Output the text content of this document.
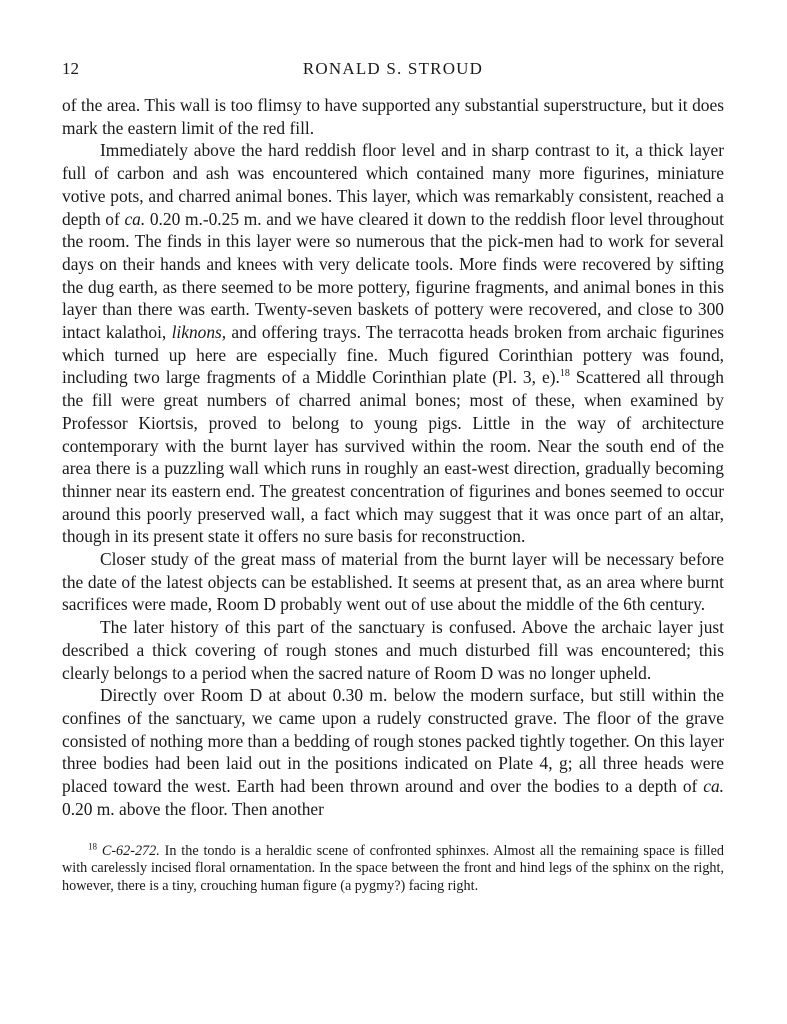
12	RONALD S. STROUD

of the area. This wall is too flimsy to have supported any substantial superstructure, but it does mark the eastern limit of the red fill.

Immediately above the hard reddish floor level and in sharp contrast to it, a thick layer full of carbon and ash was encountered which contained many more figurines, miniature votive pots, and charred animal bones. This layer, which was remarkably consistent, reached a depth of ca. 0.20 m.-0.25 m. and we have cleared it down to the reddish floor level throughout the room. The finds in this layer were so numerous that the pick-men had to work for several days on their hands and knees with very delicate tools. More finds were recovered by sifting the dug earth, as there seemed to be more pottery, figurine fragments, and animal bones in this layer than there was earth. Twenty-seven baskets of pottery were recovered, and close to 300 intact kalathoi, liknons, and offering trays. The terracotta heads broken from archaic figurines which turned up here are especially fine. Much figured Corinthian pottery was found, including two large fragments of a Middle Corinthian plate (Pl. 3, e).$^{18}$ Scattered all through the fill were great numbers of charred animal bones; most of these, when examined by Professor Kiortsis, proved to belong to young pigs. Little in the way of architecture contemporary with the burnt layer has survived within the room. Near the south end of the area there is a puzzling wall which runs in roughly an east-west direction, gradually becoming thinner near its eastern end. The greatest concentration of figurines and bones seemed to occur around this poorly preserved wall, a fact which may suggest that it was once part of an altar, though in its present state it offers no sure basis for reconstruction.

Closer study of the great mass of material from the burnt layer will be necessary before the date of the latest objects can be established. It seems at present that, as an area where burnt sacrifices were made, Room D probably went out of use about the middle of the 6th century.

The later history of this part of the sanctuary is confused. Above the archaic layer just described a thick covering of rough stones and much disturbed fill was encountered; this clearly belongs to a period when the sacred nature of Room D was no longer upheld.

Directly over Room D at about 0.30 m. below the modern surface, but still within the confines of the sanctuary, we came upon a rudely constructed grave. The floor of the grave consisted of nothing more than a bedding of rough stones packed tightly together. On this layer three bodies had been laid out in the positions indicated on Plate 4, g; all three heads were placed toward the west. Earth had been thrown around and over the bodies to a depth of ca. 0.20 m. above the floor. Then another

$^{18}$ C-62-272. In the tondo is a heraldic scene of confronted sphinxes. Almost all the remaining space is filled with carelessly incised floral ornamentation. In the space between the front and hind legs of the sphinx on the right, however, there is a tiny, crouching human figure (a pygmy?) facing right.
